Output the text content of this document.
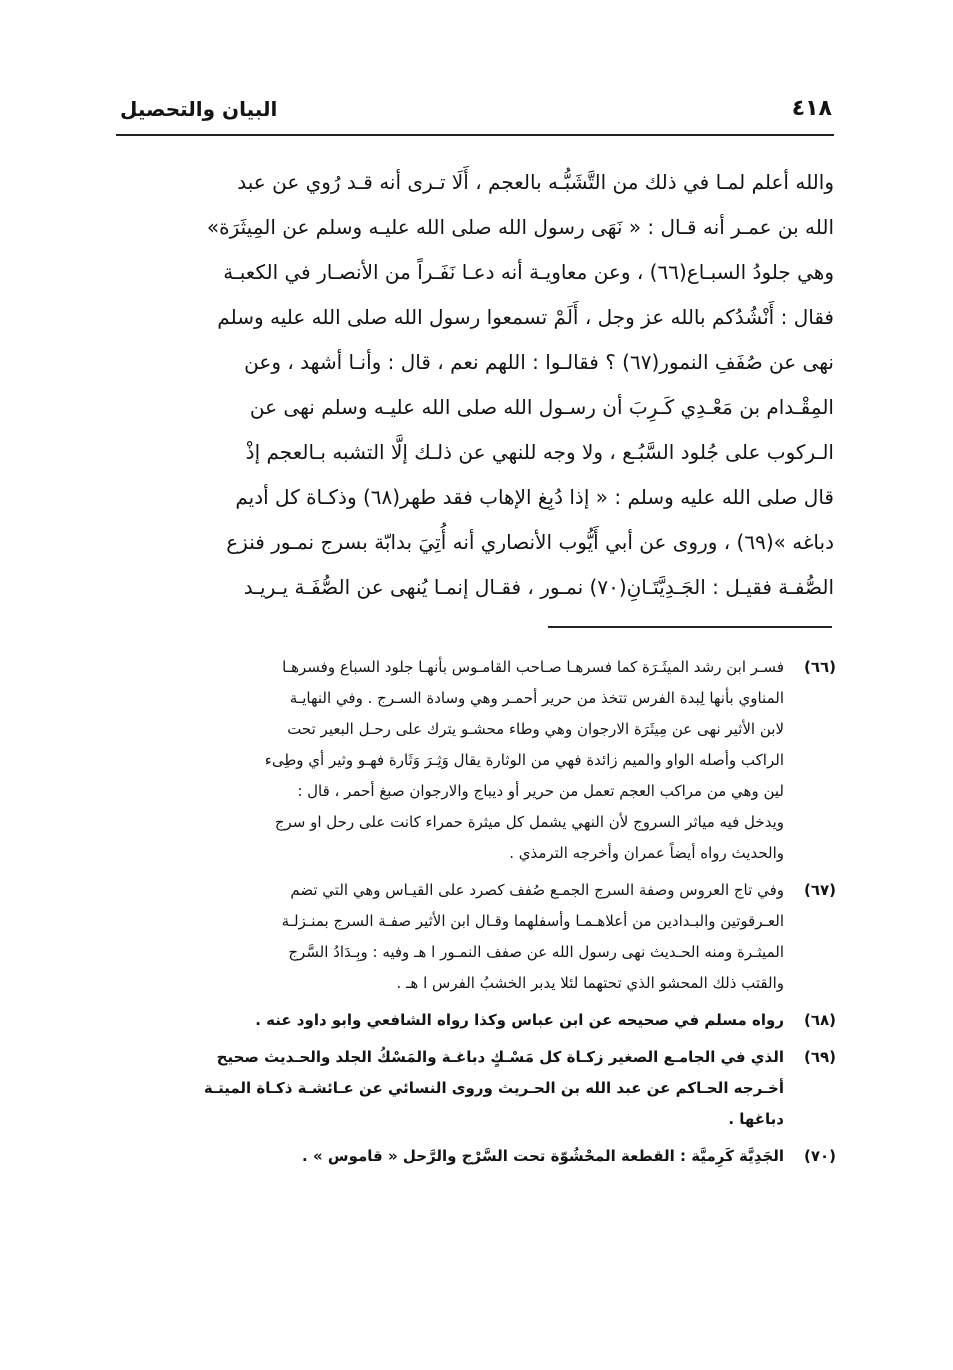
٤١٨
البيان والتحصيل
والله أعلم لمـا في ذلك من التَّشَبُّـه بالعجم ، أَلَا تـرى أنه قـد رُوي عن عبد
الله بن عمـر أنه قـال : « نَهَى رسول الله صلى الله عليـه وسلم عن المِيثَرَة»
وهي جلودُ السبـاع(٦٦) ، وعن معاويـة أنه دعـا نَفَـراً من الأنصـار في الكعبـة
فقال : أَنْشُدُكم بالله عز وجل ، أَلَمْ تسمعوا رسول الله صلى الله عليه وسلم
نهى عن صُفَفِ النمور(٦٧) ؟ فقالـوا : اللهم نعم ، قال : وأنـا أشهد ، وعن
المِقْـدام بن مَعْـدِي كَـرِبَ أن رسـول الله صلى الله عليـه وسلم نهى عن
الـركوب على جُلود السَّبُـع ، ولا وجه للنهي عن ذلـك إلَّا التشبه بـالعجم إذْ
قال صلى الله عليه وسلم : « إذا دُبِغ الإهاب فقد طهر(٦٨) وذكـاة كل أديم
دباغه »(٦٩) ، وروى عن أبي أَيُّوب الأنصاري أنه أُتِيَ بدابّة بسرج نمـور فنزع
الصُّفـة فقيـل : الجَـدِيَّتَـانِ(٧٠) نمـور ، فقـال إنمـا يُنهى عن الصُّفَـة يـريـد
(٦٦)
فسـر ابن رشد الميثَـرَة كما فسرهـا صـاحب القامـوس بأنهـا جلود السباع وفسرهـا
المناوي بأنها لِبدة الفرس تتخذ من حرير أحمـر وهي وسادة السـرج . وفي النهايـة
لابن الأثير نهى عن مِيثَرَة الارجوان وهي وطاء محشـو يترك على رحـل البعير تحت
الراكب وأصله الواو والميم زائدة فهي من الوثارة يقال وَثِـرَ وَثَارة فهـو وثير أي وطِىء
لين وهي من مراكب العجم تعمل من حرير أو ديباج والارجوان صبغ أحمر ، قال :
ويدخل فيه مياثر السروج لأن النهي يشمل كل ميثرة حمراء كانت على رحل او سرج
والحديث رواه أيضاً عمران وأخرجه الترمذي .
(٦٧)
وفي تاج العروس وصفة السرج الجمـع صُفف كصرد على القيـاس وهي التي تضم
العـرقوتين والبـدادين من أعلاهـمـا وأسفلهما وقـال ابن الأثير صفـة السرج بمنـزلـة
الميثـرة ومنه الحـديث نهى رسول الله عن صفف النمـور ا هـ وفيه : وبِـدَادُ السَّرج
والقتب ذلك المحشو الذي تحتهما لئلا يدبر الخشبُ الفرس ا هـ .
(٦٨)
رواه مسلم في صحيحه عن ابن عباس وكذا رواه الشافعي وابو داود عنه .
(٦٩)
الذي في الجامـع الصغير زكـاة كل مَسْـكٍ دباغـة والمَسْكُ الجلد والحـديث صحيح
أخـرجه الحـاكم عن عبد الله بن الحـريث وروى النسائي عن عـائشـة ذكـاة الميتـة
دباغها .
(٧٠)
الجَدِيَّة كَرِميَّة : القطعة المحْشُوّة تحت السَّرْج والرَّحل « قاموس » .
